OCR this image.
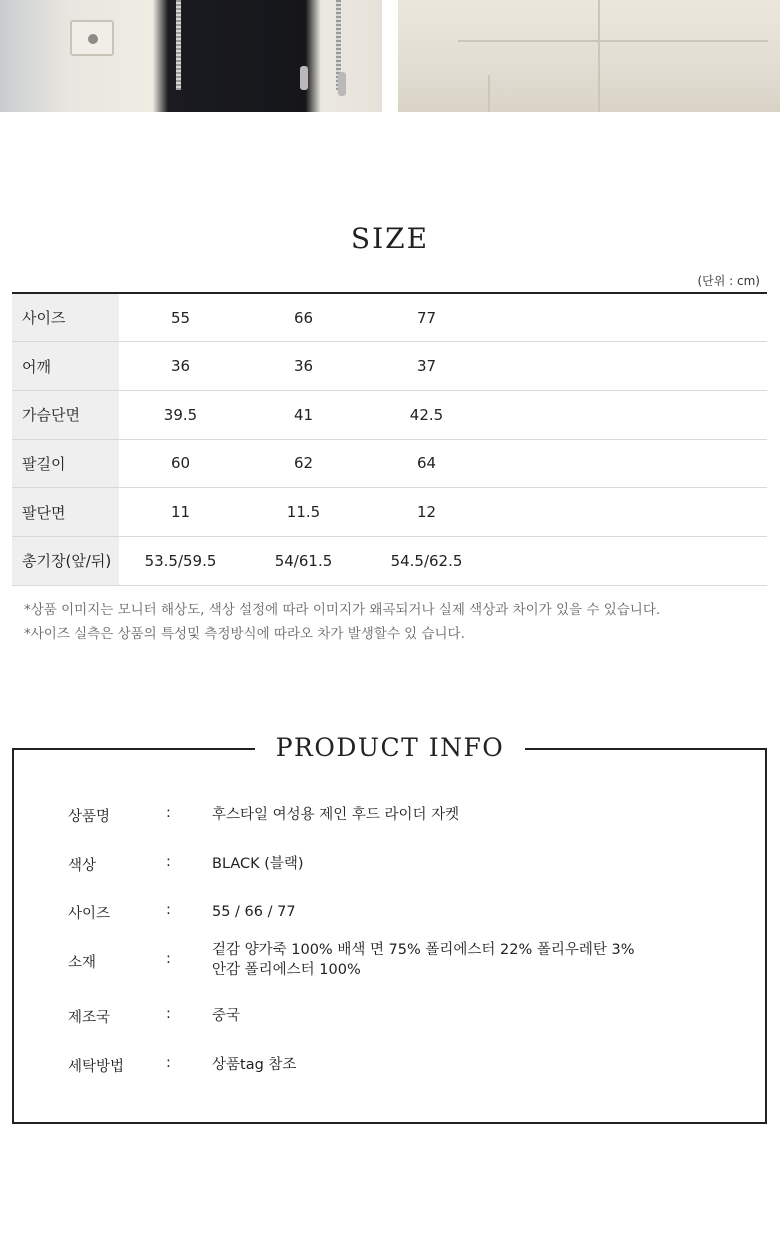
SIZE
(단위 : cm)
사이즈	55	66	77	
어깨	36	36	37	
가슴단면	39.5	41	42.5	
팔길이	60	62	64	
팔단면	11	11.5	12	
총기장(앞/뒤)	53.5/59.5	54/61.5	54.5/62.5	
*상품 이미지는 모니터 해상도, 색상 설정에 따라 이미지가 왜곡되거나 실제 색상과 차이가 있을 수 있습니다.
*사이즈 실측은 상품의 특성및 측정방식에 따라오 차가 발생할수 있 습니다.
PRODUCT INFO
상품명	:	후스타일 여성용 제인 후드 라이더 자켓
색상	:	BLACK (블랙)
사이즈	:	55 / 66 / 77
소재	:
겉감 양가죽 100% 배색 면 75% 폴리에스터 22% 폴리우레탄 3%
안감 폴리에스터 100%
제조국	:	중국
세탁방법	:	상품tag 참조
